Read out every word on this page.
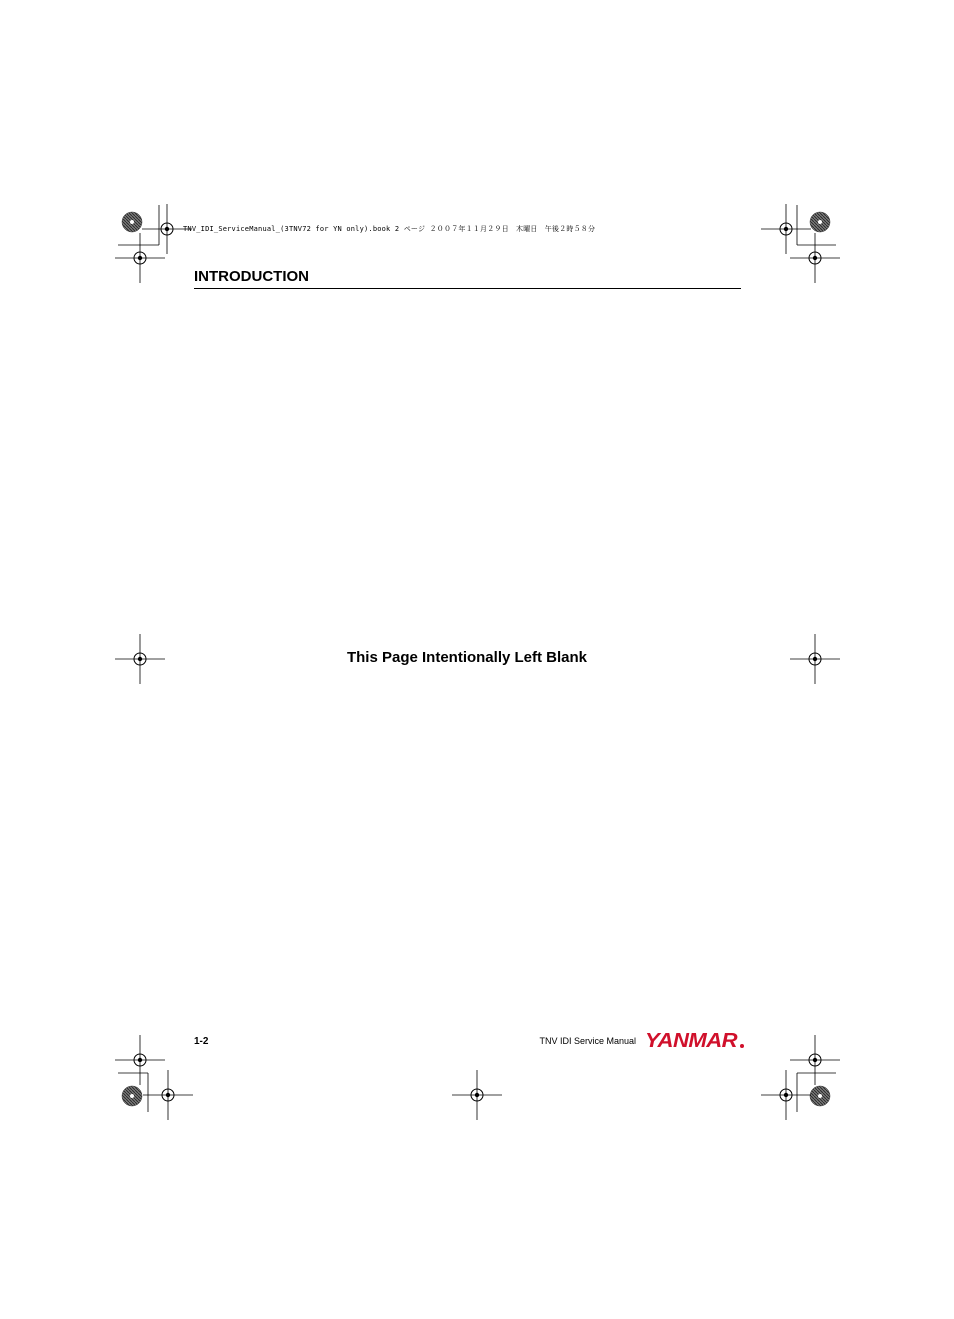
TNV_IDI_ServiceManual_(3TNV72 for YN only).book 2 ページ ２００７年１１月２９日　木曜日　午後２時５８分
INTRODUCTION
This Page Intentionally Left Blank
1-2	TNV IDI Service Manual YANMAR
